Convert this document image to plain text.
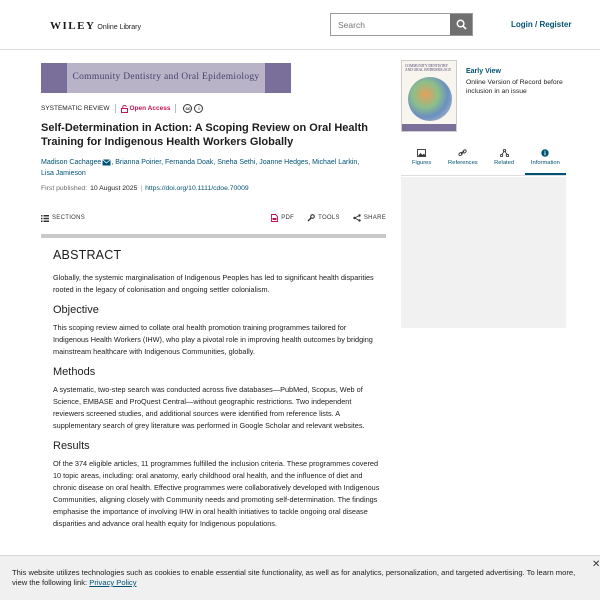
WILEY Online Library
Search	Login / Register
Community Dentistry and Oral Epidemiology
SYSTEMATIC REVIEW	Open Access	cc	i
Self-Determination in Action: A Scoping Review on Oral Health Training for Indigenous Health Workers Globally
Madison Cachagee , Brianna Poirier, Fernanda Doak, Sneha Sethi, Joanne Hedges, Michael Larkin, Lisa Jamieson
First published: 10 August 2025 | https://doi.org/10.1111/cdoe.70009
SECTIONS	PDF	TOOLS	SHARE
ABSTRACT

Globally, the systemic marginalisation of Indigenous Peoples has led to significant health disparities rooted in the legacy of colonisation and ongoing settler colonialism.

Objective

This scoping review aimed to collate oral health promotion training programmes tailored for Indigenous Health Workers (IHW), who play a pivotal role in improving health outcomes by bridging mainstream healthcare with Indigenous Communities, globally.

Methods

A systematic, two-step search was conducted across five databases—PubMed, Scopus, Web of Science, EMBASE and ProQuest Central—without geographic restrictions. Two independent reviewers screened studies, and additional sources were identified from reference lists. A supplementary search of grey literature was performed in Google Scholar and relevant websites.

Results

Of the 374 eligible articles, 11 programmes fulfilled the inclusion criteria. These programmes covered 10 topic areas, including: oral anatomy, early childhood oral health, and the influence of diet and chronic disease on oral health. Effective programmes were collaboratively developed with Indigenous Communities, aligning closely with Community needs and promoting self-determination. The findings emphasise the importance of involving IHW in oral health initiatives to tackle ongoing oral disease disparities and advance oral health equity for Indigenous populations.

COMMUNITY DENTISTRY AND ORAL EPIDEMIOLOGY	Early View
Online Version of Record before inclusion in an issue
Figures	References	Related	Information
This website utilizes technologies such as cookies to enable essential site functionality, as well as for analytics, personalization, and targeted advertising. To learn more, view the following link: Privacy Policy
✕
